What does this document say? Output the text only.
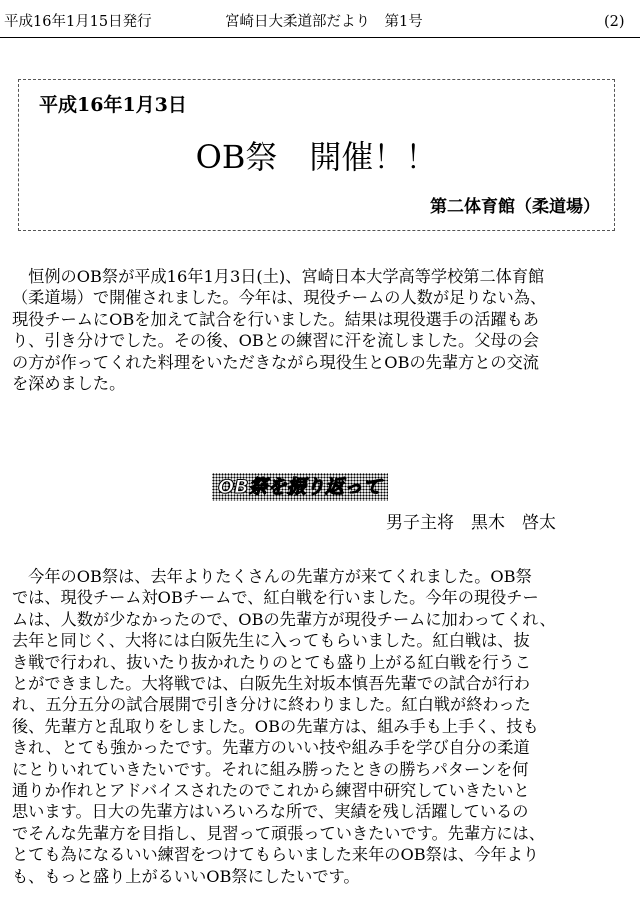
平成16年1月15日発行	宮崎日大柔道部だより　第1号	(2)
平成16年1月3日
OB祭　開催！！
第二体育館（柔道場）

　恒例のOB祭が平成16年1月3日(土)、宮崎日本大学高等学校第二体育館
（柔道場）で開催されました。今年は、現役チームの人数が足りない為、
現役チームにOBを加えて試合を行いました。結果は現役選手の活躍もあ
り、引き分けでした。その後、OBとの練習に汗を流しました。父母の会
の方が作ってくれた料理をいただきながら現役生とOBの先輩方との交流
を深めました。

OB祭を振り返って
男子主将　黒木　啓太

　今年のOB祭は、去年よりたくさんの先輩方が来てくれました。OB祭
では、現役チーム対OBチームで、紅白戦を行いました。今年の現役チー
ムは、人数が少なかったので、OBの先輩方が現役チームに加わってくれ、
去年と同じく、大将には白阪先生に入ってもらいました。紅白戦は、抜
き戦で行われ、抜いたり抜かれたりのとても盛り上がる紅白戦を行うこ
とができました。大将戦では、白阪先生対坂本慎吾先輩での試合が行わ
れ、五分五分の試合展開で引き分けに終わりました。紅白戦が終わった
後、先輩方と乱取りをしました。OBの先輩方は、組み手も上手く、技も
きれ、とても強かったです。先輩方のいい技や組み手を学び自分の柔道
にとりいれていきたいです。それに組み勝ったときの勝ちパターンを何
通りか作れとアドバイスされたのでこれから練習中研究していきたいと
思います。日大の先輩方はいろいろな所で、実績を残し活躍しているの
でそんな先輩方を目指し、見習って頑張っていきたいです。先輩方には、
とても為になるいい練習をつけてもらいました来年のOB祭は、今年より
も、もっと盛り上がるいいOB祭にしたいです。
